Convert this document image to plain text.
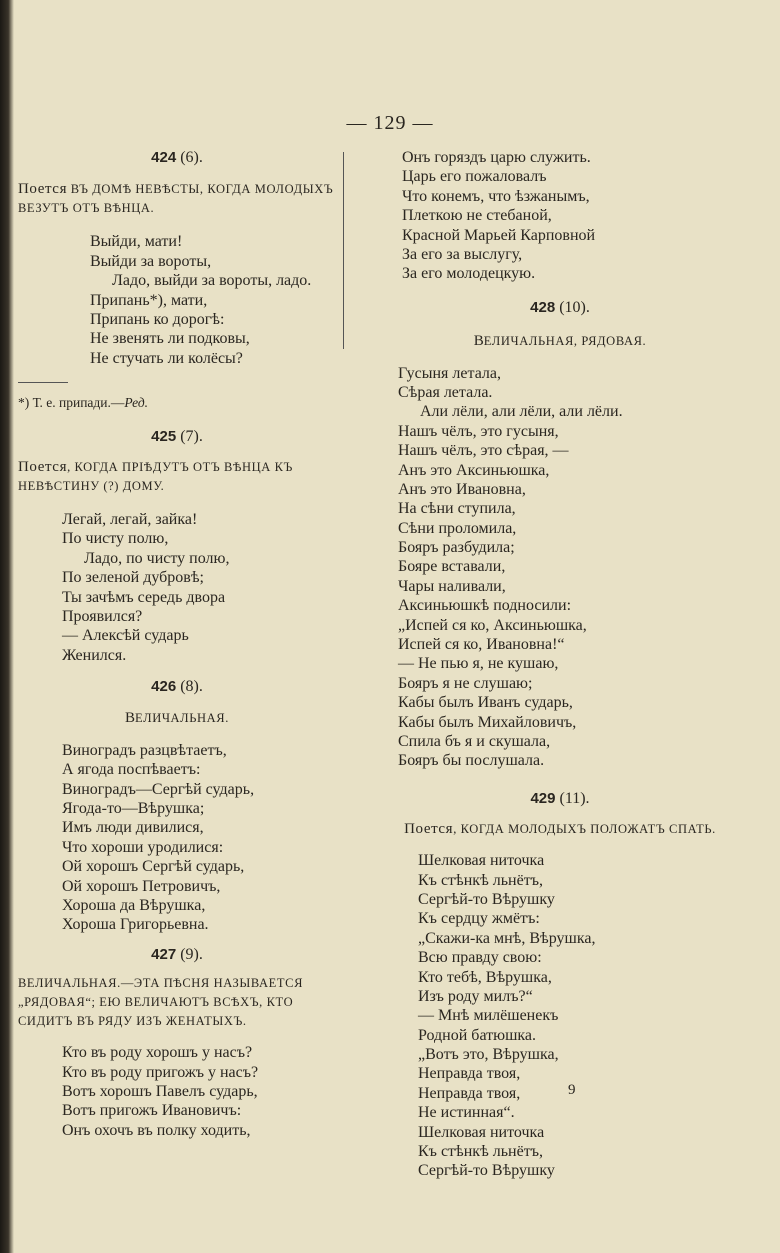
— 129 —

424 (6).

Поется ВЪ ДОМѢ НЕВѢСТЫ, КОГДА МОЛОДЫХЪ ВЕЗУТЪ ОТЪ ВѢНЦА.

Выйди, мати!
Выйди за вороты,
Ладо, выйди за вороты, ладо.
Припань*), мати,
Припань ко дорогѣ:
Не звенять ли подковы,
Не стучать ли колёсы?

*) Т. е. припади.—Ред.

425 (7).

Поется, КОГДА ПРІѢДУТЪ ОТЪ ВѢНЦА КЪ НЕВѢСТИНУ (?) ДОМУ.

Легай, легай, зайка!
По чисту полю,
Ладо, по чисту полю,
По зеленой дубровѣ;
Ты зачѣмъ середь двора
Проявился?
— Алексѣй сударь
Женился.

426 (8).

ВЕЛИЧАЛЬНАЯ.

Виноградъ разцвѣтаетъ,
А ягода поспѣваетъ:
Виноградъ—Сергѣй сударь,
Ягода-то—Вѣрушка;
Имъ люди дивилися,
Что хороши уродилися:
Ой хорошъ Сергѣй сударь,
Ой хорошъ Петровичъ,
Хороша да Вѣрушка,
Хороша Григорьевна.

427 (9).

ВЕЛИЧАЛЬНАЯ.—ЭТА ПѢСНЯ НАЗЫВАЕТСЯ „РЯДОВАЯ“; ЕЮ ВЕЛИЧАЮТЪ ВСѢХЪ, КТО СИДИТЪ ВЪ РЯДУ ИЗЪ ЖЕНАТЫХЪ.

Кто въ роду хорошъ у насъ?
Кто въ роду пригожъ у насъ?
Вотъ хорошъ Павелъ сударь,
Вотъ пригожъ Ивановичъ:
Онъ охочъ въ полку ходить,
Онъ горяздъ царю служить.
Царь его пожаловалъ
Что конемъ, что ѣзжанымъ,
Плеткою не стебаной,
Красной Марьей Карповной
За его за выслугу,
За его молодецкую.

428 (10).

ВЕЛИЧАЛЬНАЯ, РЯДОВАЯ.

Гусыня летала,
Сѣрая летала.
Али лёли, али лёли, али лёли.
Нашъ чёлъ, это гусыня,
Нашъ чёлъ, это сѣрая, —
Анъ это Аксиньюшка,
Анъ это Ивановна,
На сѣни ступила,
Сѣни проломила,
Бояръ разбудила;
Бояре вставали,
Чары наливали,
Аксиньюшкѣ подносили:
„Испей ся ко, Аксиньюшка,
Испей ся ко, Ивановна!“
— Не пью я, не кушаю,
Бояръ я не слушаю;
Кабы былъ Иванъ сударь,
Кабы былъ Михайловичъ,
Спила бъ я и скушала,
Бояръ бы послушала.

429 (11).

Поется, КОГДА МОЛОДЫХЪ ПОЛОЖАТЪ СПАТЬ.

Шелковая ниточка
Къ стѣнкѣ льнётъ,
Сергѣй-то Вѣрушку
Къ сердцу жмётъ:
„Скажи-ка мнѣ, Вѣрушка,
Всю правду свою:
Кто тебѣ, Вѣрушка,
Изъ роду милъ?“
— Мнѣ милёшенекъ
Родной батюшка.
„Вотъ это, Вѣрушка,
Неправда твоя,
Неправда твоя,
Не истинная“.
Шелковая ниточка
Къ стѣнкѣ льнётъ,
Сергѣй-то Вѣрушку
9
